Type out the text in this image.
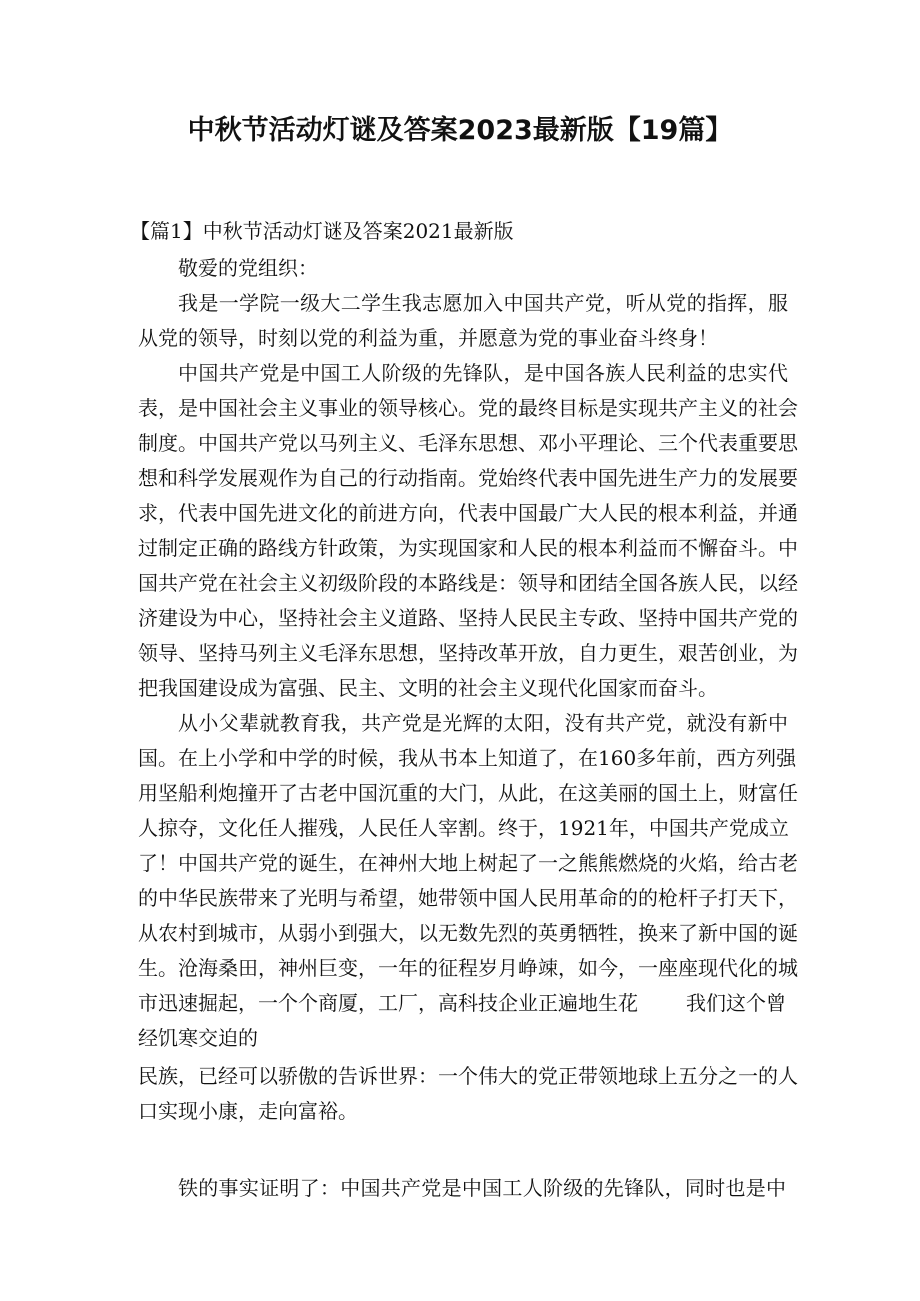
中秋节活动灯谜及答案2023最新版【19篇】
【篇1】中秋节活动灯谜及答案2021最新版
敬爱的党组织：
我是一学院一级大二学生我志愿加入中国共产党，听从党的指挥，服
从党的领导，时刻以党的利益为重，并愿意为党的事业奋斗终身！
中国共产党是中国工人阶级的先锋队，是中国各族人民利益的忠实代
表，是中国社会主义事业的领导核心。党的最终目标是实现共产主义的社会
制度。中国共产党以马列主义、毛泽东思想、邓小平理论、三个代表重要思
想和科学发展观作为自己的行动指南。党始终代表中国先进生产力的发展要
求，代表中国先进文化的前进方向，代表中国最广大人民的根本利益，并通
过制定正确的路线方针政策，为实现国家和人民的根本利益而不懈奋斗。中
国共产党在社会主义初级阶段的本路线是：领导和团结全国各族人民，以经
济建设为中心，坚持社会主义道路、坚持人民民主专政、坚持中国共产党的
领导、坚持马列主义毛泽东思想，坚持改革开放，自力更生，艰苦创业，为
把我国建设成为富强、民主、文明的社会主义现代化国家而奋斗。
从小父辈就教育我，共产党是光辉的太阳，没有共产党，就没有新中
国。在上小学和中学的时候，我从书本上知道了，在160多年前，西方列强
用坚船利炮撞开了古老中国沉重的大门，从此，在这美丽的国土上，财富任
人掠夺，文化任人摧残，人民任人宰割。终于，1921年，中国共产党成立
了！中国共产党的诞生，在神州大地上树起了一之熊熊燃烧的火焰，给古老
的中华民族带来了光明与希望，她带领中国人民用革命的的枪杆子打天下，
从农村到城市，从弱小到强大，以无数先烈的英勇牺牲，换来了新中国的诞
生。沧海桑田，神州巨变，一年的征程岁月峥竦，如今，一座座现代化的城
市迅速掘起，一个个商厦，工厂，高科技企业正遍地生花	我们这个曾
经饥寒交迫的
民族，已经可以骄傲的告诉世界：一个伟大的党正带领地球上五分之一的人
口实现小康，走向富裕。
铁的事实证明了：中国共产党是中国工人阶级的先锋队，同时也是中
